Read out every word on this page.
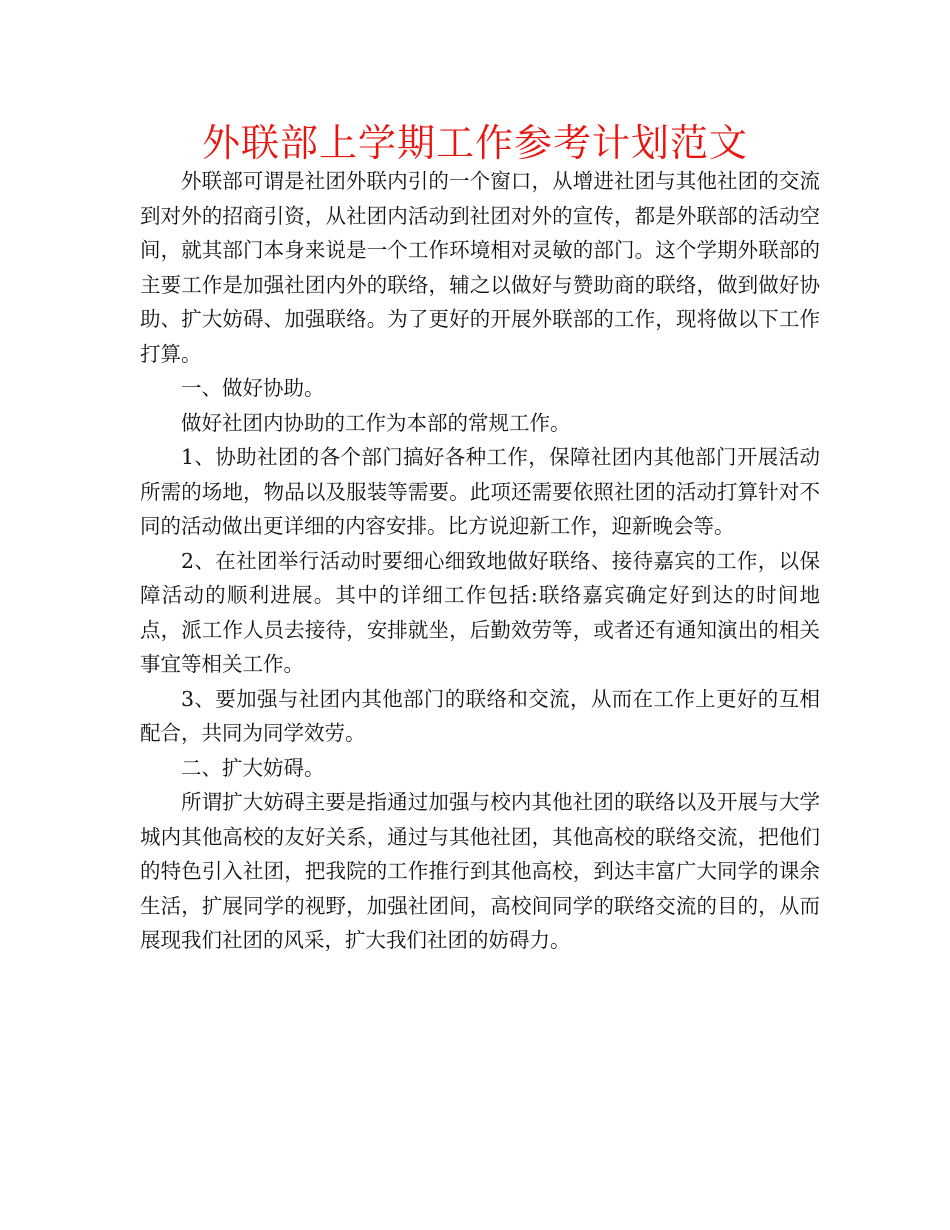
外联部上学期工作参考计划范文

外联部可谓是社团外联内引的一个窗口，从增进社团与其他社团的交流到对外的招商引资，从社团内活动到社团对外的宣传，都是外联部的活动空间，就其部门本身来说是一个工作环境相对灵敏的部门。这个学期外联部的主要工作是加强社团内外的联络，辅之以做好与赞助商的联络，做到做好协助、扩大妨碍、加强联络。为了更好的开展外联部的工作，现将做以下工作打算。

一、做好协助。

做好社团内协助的工作为本部的常规工作。

1、协助社团的各个部门搞好各种工作，保障社团内其他部门开展活动所需的场地，物品以及服装等需要。此项还需要依照社团的活动打算针对不同的活动做出更详细的内容安排。比方说迎新工作，迎新晚会等。

2、在社团举行活动时要细心细致地做好联络、接待嘉宾的工作，以保障活动的顺利进展。其中的详细工作包括:联络嘉宾确定好到达的时间地点，派工作人员去接待，安排就坐，后勤效劳等，或者还有通知演出的相关事宜等相关工作。

3、要加强与社团内其他部门的联络和交流，从而在工作上更好的互相配合，共同为同学效劳。

二、扩大妨碍。

所谓扩大妨碍主要是指通过加强与校内其他社团的联络以及开展与大学城内其他高校的友好关系，通过与其他社团，其他高校的联络交流，把他们的特色引入社团，把我院的工作推行到其他高校，到达丰富广大同学的课余生活，扩展同学的视野，加强社团间，高校间同学的联络交流的目的，从而展现我们社团的风采，扩大我们社团的妨碍力。
